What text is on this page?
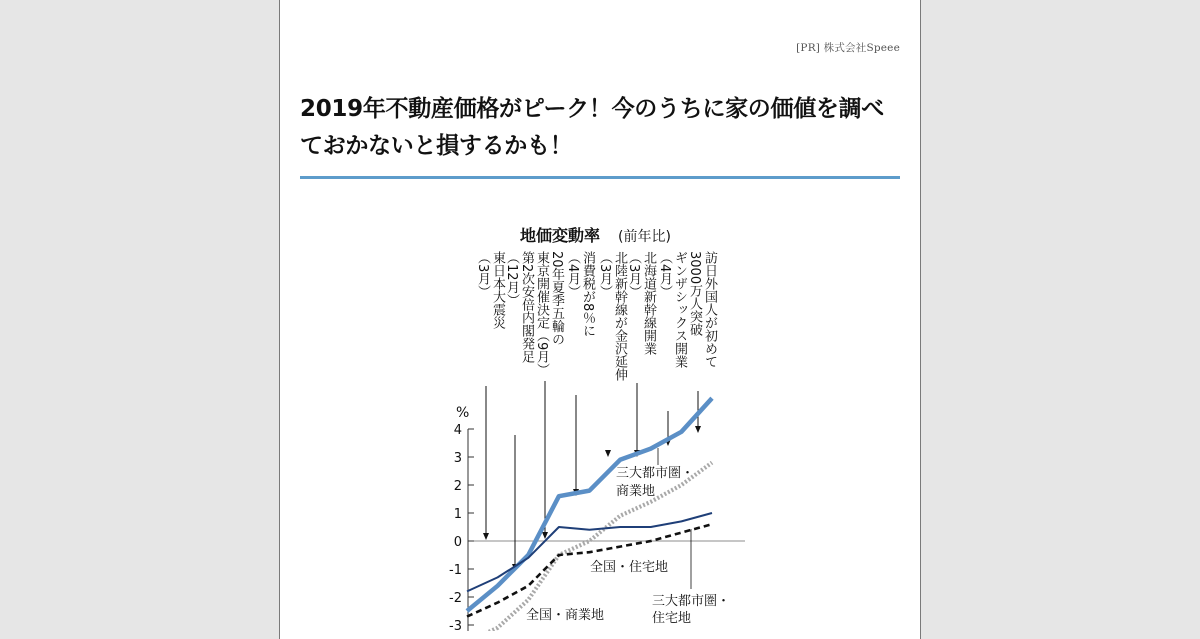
[PR] 株式会社Speee
2019年不動産価格がピーク！今のうちに家の価値を調べておかないと損するかも！
地価変動率 (前年比)
%
4
3
2
1
0
-1
-2
-3
東日本大震災
（3月）	第2次安倍内閣発足
（12月）	20年夏季五輪の
東京開催決定（9月）	消費税が8％に
（4月）	北陸新幹線が金沢延伸
（3月）	北海道新幹線開業
（3月）	ギンザシックス開業
（4月）	訪日外国人が初めて
3000万人突破
三大都市圏・
商業地
全国・商業地
三大都市圏・
住宅地
全国・住宅地
